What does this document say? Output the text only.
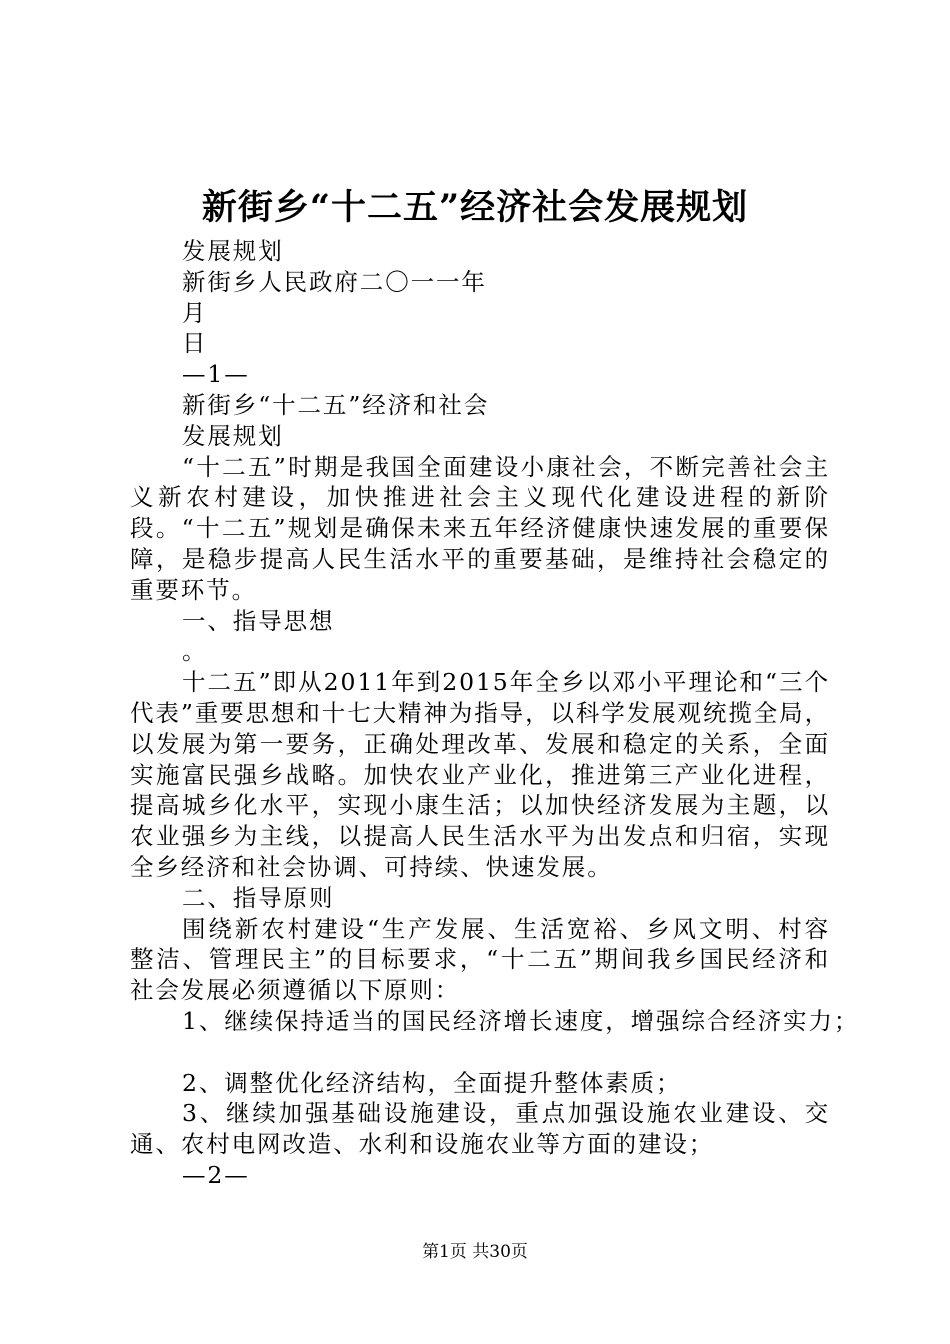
新街乡“十二五”经济社会发展规划
发展规划
新街乡人民政府二〇一一年
月
日
—1—
新街乡“十二五”经济和社会
发展规划
“十二五”时期是我国全面建设小康社会，不断完善社会主义新农村建设，加快推进社会主义现代化建设进程的新阶段。“十二五”规划是确保未来五年经济健康快速发展的重要保障，是稳步提高人民生活水平的重要基础，是维持社会稳定的重要环节。
一、指导思想
。
十二五”即从2011年到2015年全乡以邓小平理论和“三个代表”重要思想和十七大精神为指导，以科学发展观统揽全局，以发展为第一要务，正确处理改革、发展和稳定的关系，全面实施富民强乡战略。加快农业产业化，推进第三产业化进程，提高城乡化水平，实现小康生活；以加快经济发展为主题，以农业强乡为主线，以提高人民生活水平为出发点和归宿，实现全乡经济和社会协调、可持续、快速发展。
二、指导原则
围绕新农村建设“生产发展、生活宽裕、乡风文明、村容整洁、管理民主”的目标要求，“十二五”期间我乡国民经济和社会发展必须遵循以下原则：
1、继续保持适当的国民经济增长速度，增强综合经济实力；
2、调整优化经济结构，全面提升整体素质；
3、继续加强基础设施建设，重点加强设施农业建设、交通、农村电网改造、水利和设施农业等方面的建设；
—2—
第1页 共30页
